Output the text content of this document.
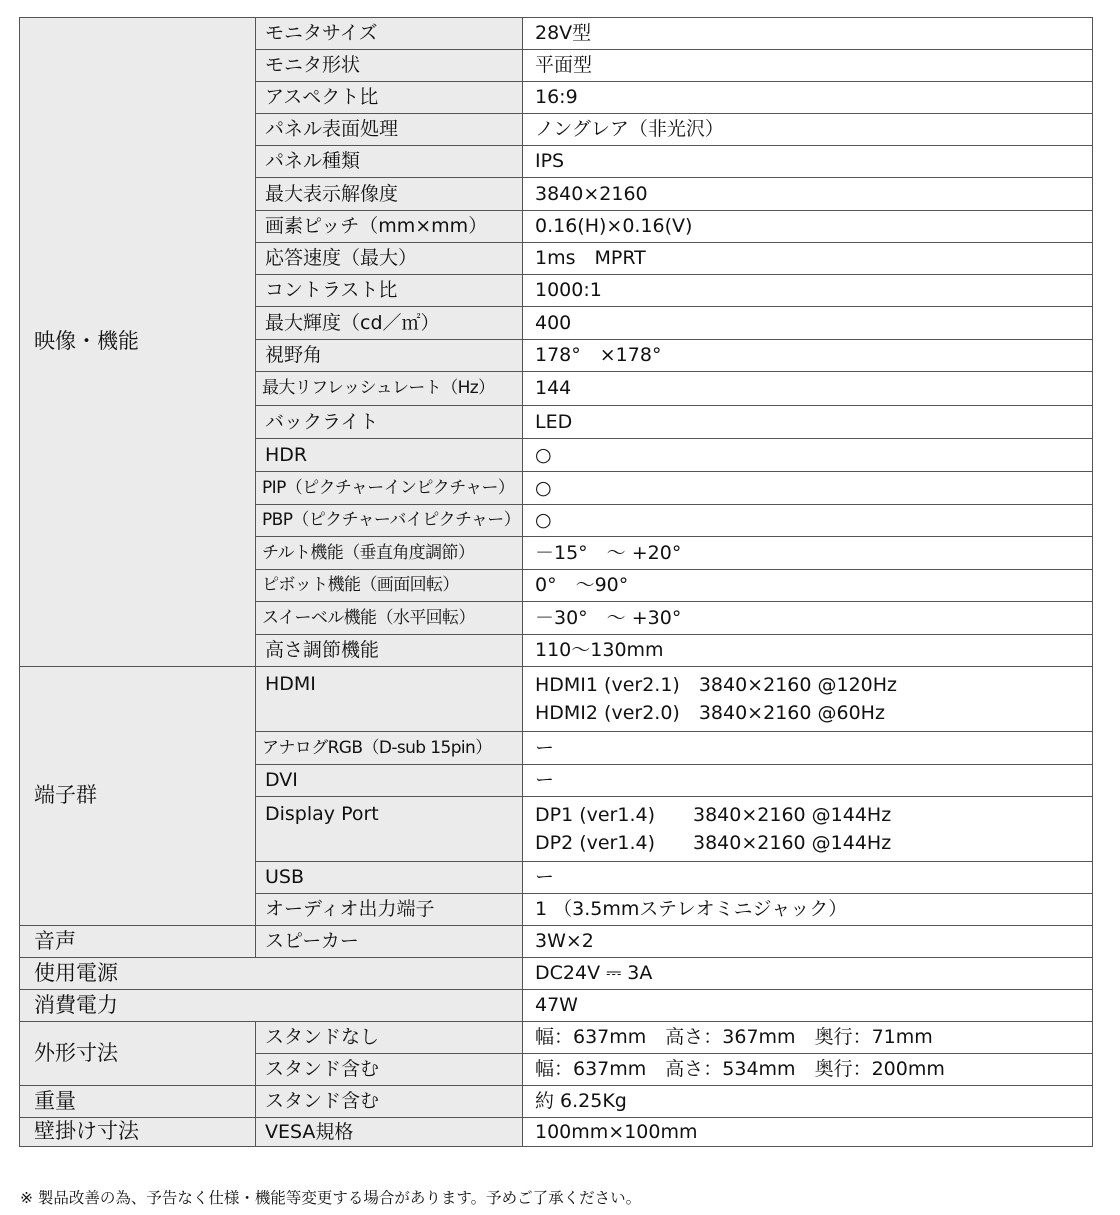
映像・機能	モニタサイズ	28V型
	モニタ形状	平面型
	アスペクト比	16:9
	パネル表面処理	ノングレア（非光沢）
	パネル種類	IPS
	最大表示解像度	3840×2160
	画素ピッチ（mm×mm）	0.16(H)×0.16(V)
	応答速度（最大）	1ms　MPRT
	コントラスト比	1000:1
	最大輝度（cd／㎡）	400
	視野角	178°　×178°
	最大リフレッシュレート（Hz）	144
	バックライト	LED
	HDR	○
	PIP（ピクチャーインピクチャー）	○
	PBP（ピクチャーバイピクチャー）	○
	チルト機能（垂直角度調節）	－15°　～ +20°
	ピボット機能（画面回転）	0°　～90°
	スイーベル機能（水平回転）	－30°　～ +30°
	高さ調節機能	110～130mm
端子群	HDMI	HDMI1 (ver2.1)　3840×2160 @120Hz
HDMI2 (ver2.0)　3840×2160 @60Hz

	アナログRGB（D-sub 15pin）	ー
	DVI	ー
	Display Port	DP1 (ver1.4)　　3840×2160 @144Hz
DP2 (ver1.4)　　3840×2160 @144Hz

	USB	ー
	オーディオ出力端子	1 （3.5mmステレオミニジャック）
音声	スピーカー	3W×2
使用電源		DC24V ⎓ 3A
消費電力		47W
外形寸法	スタンドなし	幅：637mm　高さ：367mm　奥行：71mm
	スタンド含む	幅：637mm　高さ：534mm　奥行：200mm
重量	スタンド含む	約 6.25Kg
壁掛け寸法	VESA規格	100mm×100mm
※ 製品改善の為、予告なく仕様・機能等変更する場合があります。予めご了承ください。
